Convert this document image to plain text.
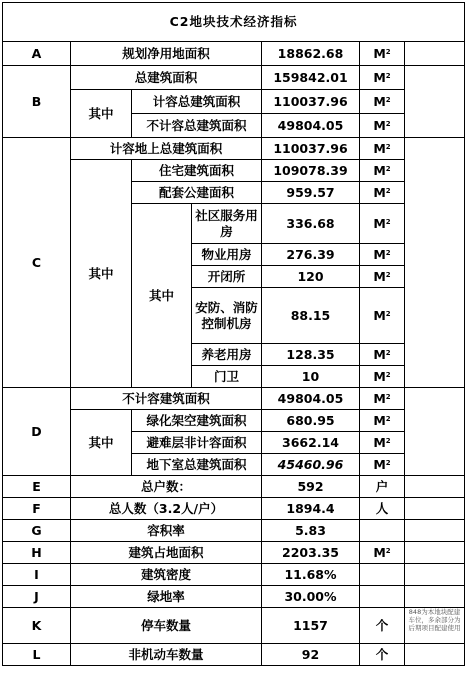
C2地块技术经济指标						
A	规划净用地面积			18862.68	$M^2$	
B	总建筑面积			159842.01	$M^2$	
	其中	计容总建筑面积		110037.96	$M^2$
		不计容总建筑面积		49804.05	$M^2$
C	计容地上总建筑面积			110037.96	$M^2$	
	其中	住宅建筑面积		109078.39	$M^2$
		配套公建面积		959.57	$M^2$
		其中	社区服务用房	336.68	$M^2$
			物业用房	276.39	$M^2$
			开闭所	120	$M^2$
			安防、消防控制机房	88.15	$M^2$
			养老用房	128.35	$M^2$
			门卫	10	$M^2$
D	不计容建筑面积			49804.05	$M^2$	
	其中	绿化架空建筑面积		680.95	$M^2$
		避难层非计容面积		3662.14	$M^2$
		地下室总建筑面积		45460.96	$M^2$
E	总户数：			592	户	
F	总人数（3.2人/户）			1894.4	人	
G	容积率			5.83		
H	建筑占地面积			2203.35	$M^2$	
I	建筑密度			11.68%		
J	绿地率			30.00%		
K	停车数量			1157	个	848为本地块配建车位，多余部分为后期项目配建使用

L	非机动车数量			92	个	
